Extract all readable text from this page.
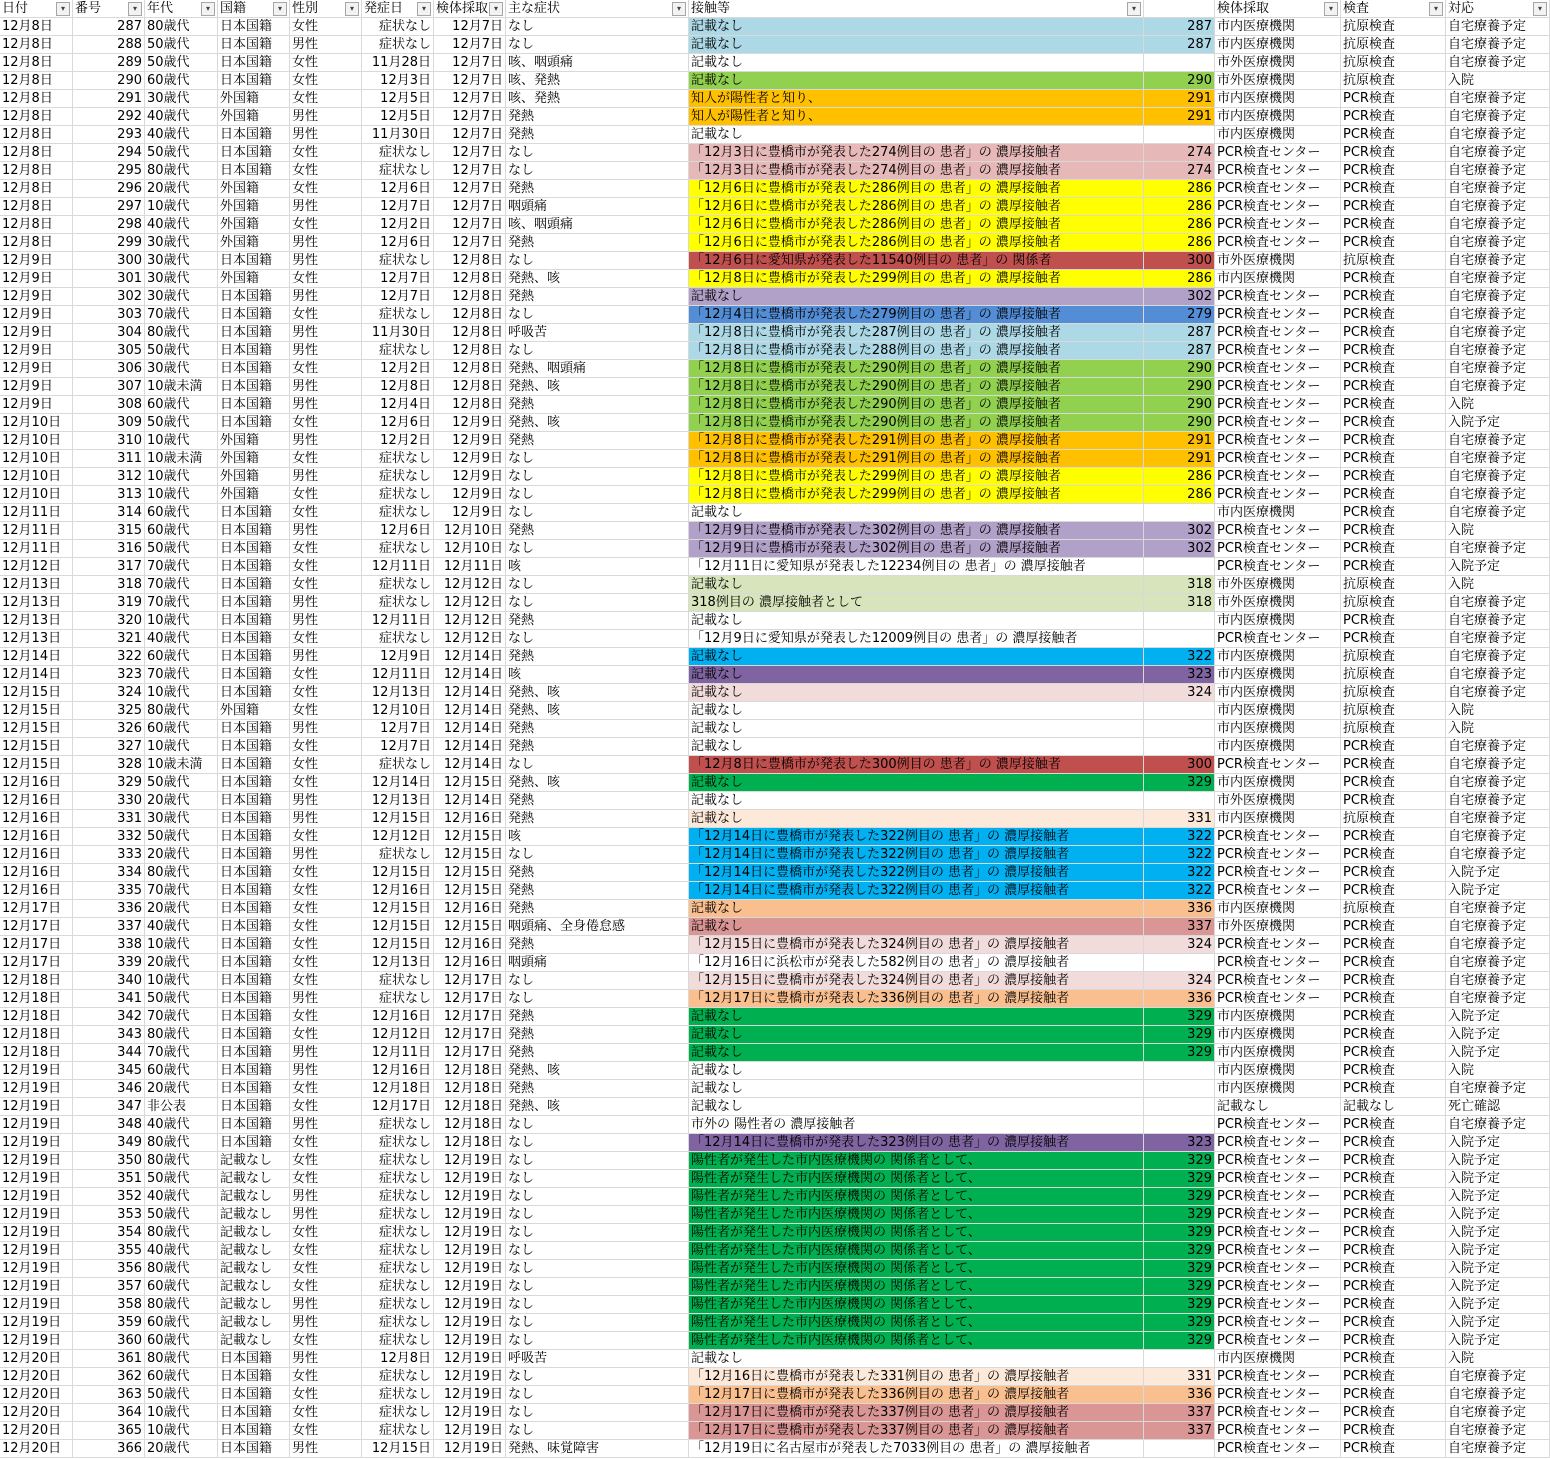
日付	▾ 番号	▾ 年代	▾ 国籍	▾ 性別	▾ 発症日	▾ 検体採取 ▾ 主な症状	▾ 接触等	▾	検体採取	▾ 検査	▾ 対応	▾
12月8日	287 80歳代	日本国籍	女性	症状なし	12月7日 なし	記載なし	287 市内医療機関	抗原検査	自宅療養予定
12月8日	288 50歳代	日本国籍	男性	症状なし	12月7日 なし	記載なし	287 市内医療機関	抗原検査	自宅療養予定
12月8日	289 50歳代	日本国籍	女性	11月28日	12月7日 咳、咽頭痛	記載なし	市外医療機関	抗原検査	自宅療養予定
12月8日	290 60歳代	日本国籍	女性	12月3日	12月7日 咳、発熱	記載なし	290 市外医療機関	抗原検査	入院
12月8日	291 30歳代	外国籍	女性	12月5日	12月7日 咳、発熱	知人が陽性者と知り、	291 市内医療機関	PCR検査	自宅療養予定
12月8日	292 40歳代	外国籍	男性	12月5日	12月7日 発熱	知人が陽性者と知り、	291 市内医療機関	PCR検査	自宅療養予定
12月8日	293 40歳代	日本国籍	男性	11月30日	12月7日 発熱	記載なし	市内医療機関	PCR検査	自宅療養予定
12月8日	294 50歳代	日本国籍	女性	症状なし	12月7日 なし	「12月3日に豊橋市が発表した274例目の 患者」の 濃厚接触者	274 PCR検査センター	PCR検査	自宅療養予定
12月8日	295 80歳代	日本国籍	女性	症状なし	12月7日 なし	「12月3日に豊橋市が発表した274例目の 患者」の 濃厚接触者	274 PCR検査センター	PCR検査	自宅療養予定
12月8日	296 20歳代	外国籍	女性	12月6日	12月7日 発熱	「12月6日に豊橋市が発表した286例目の 患者」の 濃厚接触者	286 PCR検査センター	PCR検査	自宅療養予定
12月8日	297 10歳代	外国籍	男性	12月7日	12月7日 咽頭痛	「12月6日に豊橋市が発表した286例目の 患者」の 濃厚接触者	286 PCR検査センター	PCR検査	自宅療養予定
12月8日	298 40歳代	外国籍	女性	12月2日	12月7日 咳、咽頭痛	「12月6日に豊橋市が発表した286例目の 患者」の 濃厚接触者	286 PCR検査センター	PCR検査	自宅療養予定
12月8日	299 30歳代	外国籍	男性	12月6日	12月7日 発熱	「12月6日に豊橋市が発表した286例目の 患者」の 濃厚接触者	286 PCR検査センター	PCR検査	自宅療養予定
12月9日	300 30歳代	日本国籍	男性	症状なし	12月8日 なし	「12月6日に愛知県が発表した11540例目の 患者」の 関係者	300 市外医療機関	抗原検査	自宅療養予定
12月9日	301 30歳代	外国籍	女性	12月7日	12月8日 発熱、咳	「12月8日に豊橋市が発表した299例目の 患者」の 濃厚接触者	286 市内医療機関	PCR検査	自宅療養予定
12月9日	302 30歳代	日本国籍	男性	12月7日	12月8日 発熱	記載なし	302 PCR検査センター	PCR検査	自宅療養予定
12月9日	303 70歳代	日本国籍	女性	症状なし	12月8日 なし	「12月4日に豊橋市が発表した279例目の 患者」の 濃厚接触者	279 PCR検査センター	PCR検査	自宅療養予定
12月9日	304 80歳代	日本国籍	男性	11月30日	12月8日 呼吸苦	「12月8日に豊橋市が発表した287例目の 患者」の 濃厚接触者	287 PCR検査センター	PCR検査	自宅療養予定
12月9日	305 50歳代	日本国籍	男性	症状なし	12月8日 なし	「12月8日に豊橋市が発表した288例目の 患者」の 濃厚接触者	287 PCR検査センター	PCR検査	自宅療養予定
12月9日	306 30歳代	日本国籍	女性	12月2日	12月8日 発熱、咽頭痛	「12月8日に豊橋市が発表した290例目の 患者」の 濃厚接触者	290 PCR検査センター	PCR検査	自宅療養予定
12月9日	307 10歳未満	日本国籍	男性	12月8日	12月8日 発熱、咳	「12月8日に豊橋市が発表した290例目の 患者」の 濃厚接触者	290 PCR検査センター	PCR検査	自宅療養予定
12月9日	308 60歳代	日本国籍	男性	12月4日	12月8日 発熱	「12月8日に豊橋市が発表した290例目の 患者」の 濃厚接触者	290 PCR検査センター	PCR検査	入院
12月10日	309 50歳代	日本国籍	女性	12月6日	12月9日 発熱、咳	「12月8日に豊橋市が発表した290例目の 患者」の 濃厚接触者	290 PCR検査センター	PCR検査	入院予定
12月10日	310 10歳代	外国籍	男性	12月2日	12月9日 発熱	「12月8日に豊橋市が発表した291例目の 患者」の 濃厚接触者	291 PCR検査センター	PCR検査	自宅療養予定
12月10日	311 10歳未満	外国籍	女性	症状なし	12月9日 なし	「12月8日に豊橋市が発表した291例目の 患者」の 濃厚接触者	291 PCR検査センター	PCR検査	自宅療養予定
12月10日	312 10歳代	外国籍	男性	症状なし	12月9日 なし	「12月8日に豊橋市が発表した299例目の 患者」の 濃厚接触者	286 PCR検査センター	PCR検査	自宅療養予定
12月10日	313 10歳代	外国籍	女性	症状なし	12月9日 なし	「12月8日に豊橋市が発表した299例目の 患者」の 濃厚接触者	286 PCR検査センター	PCR検査	自宅療養予定
12月11日	314 60歳代	日本国籍	女性	症状なし	12月9日 なし	記載なし	市内医療機関	PCR検査	自宅療養予定
12月11日	315 60歳代	日本国籍	男性	12月6日 12月10日 発熱	「12月9日に豊橋市が発表した302例目の 患者」の 濃厚接触者	302 PCR検査センター	PCR検査	入院
12月11日	316 50歳代	日本国籍	女性	症状なし 12月10日 なし	「12月9日に豊橋市が発表した302例目の 患者」の 濃厚接触者	302 PCR検査センター	PCR検査	自宅療養予定
12月12日	317 70歳代	日本国籍	女性	12月11日 12月11日 咳	「12月11日に愛知県が発表した12234例目の 患者」の 濃厚接触者	PCR検査センター	PCR検査	入院予定
12月13日	318 70歳代	日本国籍	女性	症状なし 12月12日 なし	記載なし	318 市外医療機関	抗原検査	入院
12月13日	319 70歳代	日本国籍	男性	症状なし 12月12日 なし	318例目の 濃厚接触者として	318 市外医療機関	抗原検査	自宅療養予定
12月13日	320 10歳代	日本国籍	男性	12月11日 12月12日 発熱	記載なし	市内医療機関	PCR検査	自宅療養予定
12月13日	321 40歳代	日本国籍	女性	症状なし 12月12日 なし	「12月9日に愛知県が発表した12009例目の 患者」の 濃厚接触者	PCR検査センター	PCR検査	自宅療養予定
12月14日	322 60歳代	日本国籍	男性	12月9日 12月14日 発熱	記載なし	322 市内医療機関	抗原検査	自宅療養予定
12月14日	323 70歳代	日本国籍	女性	12月11日 12月14日 咳	記載なし	323 市内医療機関	抗原検査	自宅療養予定
12月15日	324 10歳代	日本国籍	女性	12月13日 12月14日 発熱、咳	記載なし	324 市内医療機関	抗原検査	自宅療養予定
12月15日	325 80歳代	外国籍	女性	12月10日 12月14日 発熱、咳	記載なし	市内医療機関	抗原検査	入院
12月15日	326 60歳代	日本国籍	男性	12月7日 12月14日 発熱	記載なし	市内医療機関	抗原検査	入院
12月15日	327 10歳代	日本国籍	女性	12月7日 12月14日 発熱	記載なし	市内医療機関	PCR検査	自宅療養予定
12月15日	328 10歳未満	日本国籍	女性	症状なし 12月14日 なし	「12月8日に豊橋市が発表した300例目の 患者」の 濃厚接触者	300 PCR検査センター	PCR検査	自宅療養予定
12月16日	329 50歳代	日本国籍	女性	12月14日 12月15日 発熱、咳	記載なし	329 市内医療機関	PCR検査	自宅療養予定
12月16日	330 20歳代	日本国籍	男性	12月13日 12月14日 発熱	記載なし	市外医療機関	PCR検査	自宅療養予定
12月16日	331 30歳代	日本国籍	男性	12月15日 12月16日 発熱	記載なし	331 市内医療機関	抗原検査	自宅療養予定
12月16日	332 50歳代	日本国籍	女性	12月12日 12月15日 咳	「12月14日に豊橋市が発表した322例目の 患者」の 濃厚接触者	322 PCR検査センター	PCR検査	自宅療養予定
12月16日	333 20歳代	日本国籍	男性	症状なし 12月15日 なし	「12月14日に豊橋市が発表した322例目の 患者」の 濃厚接触者	322 PCR検査センター	PCR検査	自宅療養予定
12月16日	334 80歳代	日本国籍	女性	12月15日 12月15日 発熱	「12月14日に豊橋市が発表した322例目の 患者」の 濃厚接触者	322 PCR検査センター	PCR検査	入院予定
12月16日	335 70歳代	日本国籍	女性	12月16日 12月15日 発熱	「12月14日に豊橋市が発表した322例目の 患者」の 濃厚接触者	322 PCR検査センター	PCR検査	入院予定
12月17日	336 20歳代	日本国籍	女性	12月15日 12月16日 発熱	記載なし	336 市内医療機関	抗原検査	自宅療養予定
12月17日	337 40歳代	日本国籍	女性	12月15日 12月15日 咽頭痛、全身倦怠感	記載なし	337 市外医療機関	PCR検査	自宅療養予定
12月17日	338 10歳代	日本国籍	女性	12月15日 12月16日 発熱	「12月15日に豊橋市が発表した324例目の 患者」の 濃厚接触者	324 PCR検査センター	PCR検査	自宅療養予定
12月17日	339 20歳代	日本国籍	女性	12月13日 12月16日 咽頭痛	「12月16日に浜松市が発表した582例目の 患者」の 濃厚接触者	PCR検査センター	PCR検査	自宅療養予定
12月18日	340 10歳代	日本国籍	女性	症状なし 12月17日 なし	「12月15日に豊橋市が発表した324例目の 患者」の 濃厚接触者	324 PCR検査センター	PCR検査	自宅療養予定
12月18日	341 50歳代	日本国籍	男性	症状なし 12月17日 なし	「12月17日に豊橋市が発表した336例目の 患者」の 濃厚接触者	336 PCR検査センター	PCR検査	自宅療養予定
12月18日	342 70歳代	日本国籍	女性	12月16日 12月17日 発熱	記載なし	329 市内医療機関	PCR検査	入院予定
12月18日	343 80歳代	日本国籍	女性	12月12日 12月17日 発熱	記載なし	329 市内医療機関	PCR検査	入院予定
12月18日	344 70歳代	日本国籍	男性	12月11日 12月17日 発熱	記載なし	329 市内医療機関	PCR検査	入院予定
12月19日	345 60歳代	日本国籍	男性	12月16日 12月18日 発熱、咳	記載なし	市内医療機関	PCR検査	入院
12月19日	346 20歳代	日本国籍	女性	12月18日 12月18日 発熱	記載なし	市内医療機関	PCR検査	自宅療養予定
12月19日	347 非公表	日本国籍	女性	12月17日 12月18日 発熱、咳	記載なし	記載なし	記載なし	死亡確認
12月19日	348 40歳代	日本国籍	男性	症状なし 12月18日 なし	市外の 陽性者の 濃厚接触者	PCR検査センター	PCR検査	自宅療養予定
12月19日	349 80歳代	日本国籍	女性	症状なし 12月18日 なし	「12月14日に豊橋市が発表した323例目の 患者」の 濃厚接触者	323 PCR検査センター	PCR検査	入院予定
12月19日	350 80歳代	記載なし	女性	症状なし 12月19日 なし	陽性者が発生した市内医療機関の 関係者として、	329 PCR検査センター	PCR検査	入院予定
12月19日	351 50歳代	記載なし	女性	症状なし 12月19日 なし	陽性者が発生した市内医療機関の 関係者として、	329 PCR検査センター	PCR検査	入院予定
12月19日	352 40歳代	記載なし	男性	症状なし 12月19日 なし	陽性者が発生した市内医療機関の 関係者として、	329 PCR検査センター	PCR検査	入院予定
12月19日	353 50歳代	記載なし	男性	症状なし 12月19日 なし	陽性者が発生した市内医療機関の 関係者として、	329 PCR検査センター	PCR検査	入院予定
12月19日	354 80歳代	記載なし	女性	症状なし 12月19日 なし	陽性者が発生した市内医療機関の 関係者として、	329 PCR検査センター	PCR検査	入院予定
12月19日	355 40歳代	記載なし	女性	症状なし 12月19日 なし	陽性者が発生した市内医療機関の 関係者として、	329 PCR検査センター	PCR検査	入院予定
12月19日	356 80歳代	記載なし	女性	症状なし 12月19日 なし	陽性者が発生した市内医療機関の 関係者として、	329 PCR検査センター	PCR検査	入院予定
12月19日	357 60歳代	記載なし	女性	症状なし 12月19日 なし	陽性者が発生した市内医療機関の 関係者として、	329 PCR検査センター	PCR検査	入院予定
12月19日	358 80歳代	記載なし	男性	症状なし 12月19日 なし	陽性者が発生した市内医療機関の 関係者として、	329 PCR検査センター	PCR検査	入院予定
12月19日	359 60歳代	記載なし	男性	症状なし 12月19日 なし	陽性者が発生した市内医療機関の 関係者として、	329 PCR検査センター	PCR検査	入院予定
12月19日	360 60歳代	記載なし	女性	症状なし 12月19日 なし	陽性者が発生した市内医療機関の 関係者として、	329 PCR検査センター	PCR検査	入院予定
12月20日	361 80歳代	日本国籍	男性	12月8日 12月19日 呼吸苦	記載なし	市内医療機関	PCR検査	入院
12月20日	362 60歳代	日本国籍	女性	症状なし 12月19日 なし	「12月16日に豊橋市が発表した331例目の 患者」の 濃厚接触者	331 PCR検査センター	PCR検査	自宅療養予定
12月20日	363 50歳代	日本国籍	女性	症状なし 12月19日 なし	「12月17日に豊橋市が発表した336例目の 患者」の 濃厚接触者	336 PCR検査センター	PCR検査	自宅療養予定
12月20日	364 10歳代	日本国籍	女性	症状なし 12月19日 なし	「12月17日に豊橋市が発表した337例目の 患者」の 濃厚接触者	337 PCR検査センター	PCR検査	自宅療養予定
12月20日	365 10歳代	日本国籍	女性	症状なし 12月19日 なし	「12月17日に豊橋市が発表した337例目の 患者」の 濃厚接触者	337 PCR検査センター	PCR検査	自宅療養予定
12月20日	366 20歳代	日本国籍	男性	12月15日 12月19日 発熱、味覚障害	「12月19日に名古屋市が発表した7033例目の 患者」の 濃厚接触者	PCR検査センター	PCR検査	自宅療養予定
